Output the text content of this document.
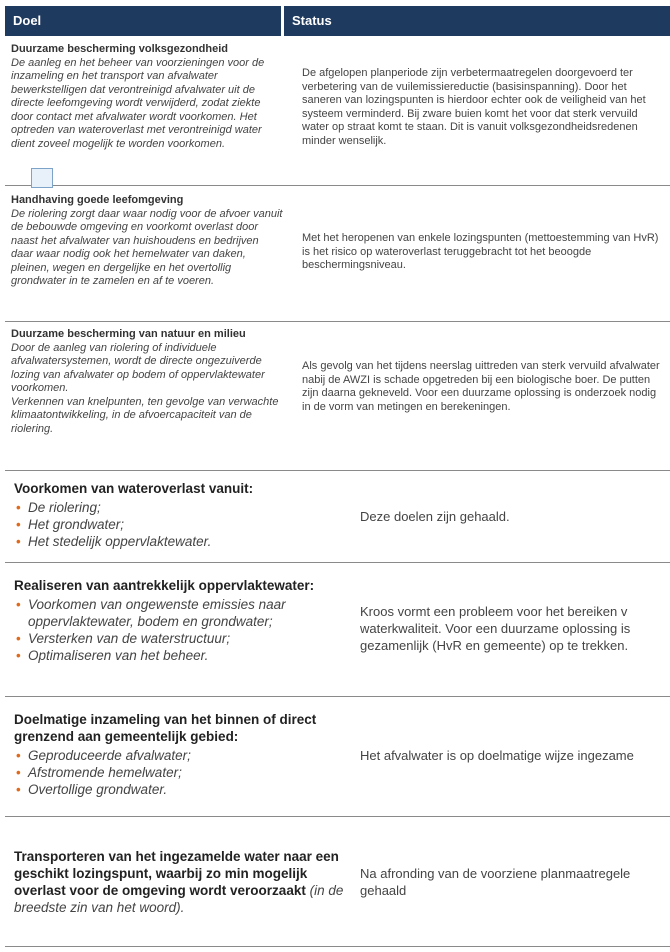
Doel	Status
Duurzame bescherming volksgezondheid
De aanleg en het beheer van voorzieningen voor de inzameling en het transport van afvalwater bewerkstelligen dat verontreinigd afvalwater uit de directe leefomgeving wordt verwijderd, zodat ziekte door contact met afvalwater wordt voorkomen. Het optreden van wateroverlast met verontreinigd water dient zoveel mogelijk te worden voorkomen.
De afgelopen planperiode zijn verbetermaatregelen doorgevoerd ter verbetering van de vuilemissiereductie (basisinspanning). Door het saneren van lozingspunten is hierdoor echter ook de veiligheid van het systeem verminderd. Bij zware buien komt het voor dat sterk vervuild water op straat komt te staan. Dit is vanuit volksgezondheidsredenen minder wenselijk.
Handhaving goede leefomgeving
De riolering zorgt daar waar nodig voor de afvoer vanuit de bebouwde omgeving en voorkomt overlast door naast het afvalwater van huishoudens en bedrijven daar waar nodig ook het hemelwater van daken, pleinen, wegen en dergelijke en het overtollig grondwater in te zamelen en af te voeren.
Met het heropenen van enkele lozingspunten (mettoestemming van HvR) is het risico op wateroverlast teruggebracht tot het beoogde beschermingsniveau.
Duurzame bescherming van natuur en milieu
Door de aanleg van riolering of individuele afvalwatersystemen, wordt de directe ongezuiverde lozing van afvalwater op bodem of oppervlaktewater voorkomen.
Verkennen van knelpunten, ten gevolge van verwachte klimaatontwikkeling, in de afvoercapaciteit van de riolering.
Als gevolg van het tijdens neerslag uittreden van sterk vervuild afvalwater nabij de AWZI is schade opgetreden bij een biologische boer. De putten zijn daarna gekneveld. Voor een duurzame oplossing is onderzoek nodig in de vorm van metingen en berekeningen.
Voorkomen van wateroverlast vanuit:
• De riolering;
• Het grondwater;
• Het stedelijk oppervlaktewater.
Deze doelen zijn gehaald.
Realiseren van aantrekkelijk oppervlaktewater:
• Voorkomen van ongewenste emissies naar oppervlaktewater, bodem en grondwater;
• Versterken van de waterstructuur;
• Optimaliseren van het beheer.
Kroos vormt een probleem voor het bereiken v
waterkwaliteit. Voor een duurzame oplossing is
gezamenlijk (HvR en gemeente) op te trekken.
Doelmatige inzameling van het binnen of direct grenzend aan gemeentelijk gebied:
• Geproduceerde afvalwater;
• Afstromende hemelwater;
• Overtollige grondwater.
Het afvalwater is op doelmatige wijze ingezame
Transporteren van het ingezamelde water naar een geschikt lozingspunt, waarbij zo min mogelijk overlast voor de omgeving wordt veroorzaakt (in de breedste zin van het woord).
Na afronding van de voorziene planmaatregele
gehaald
